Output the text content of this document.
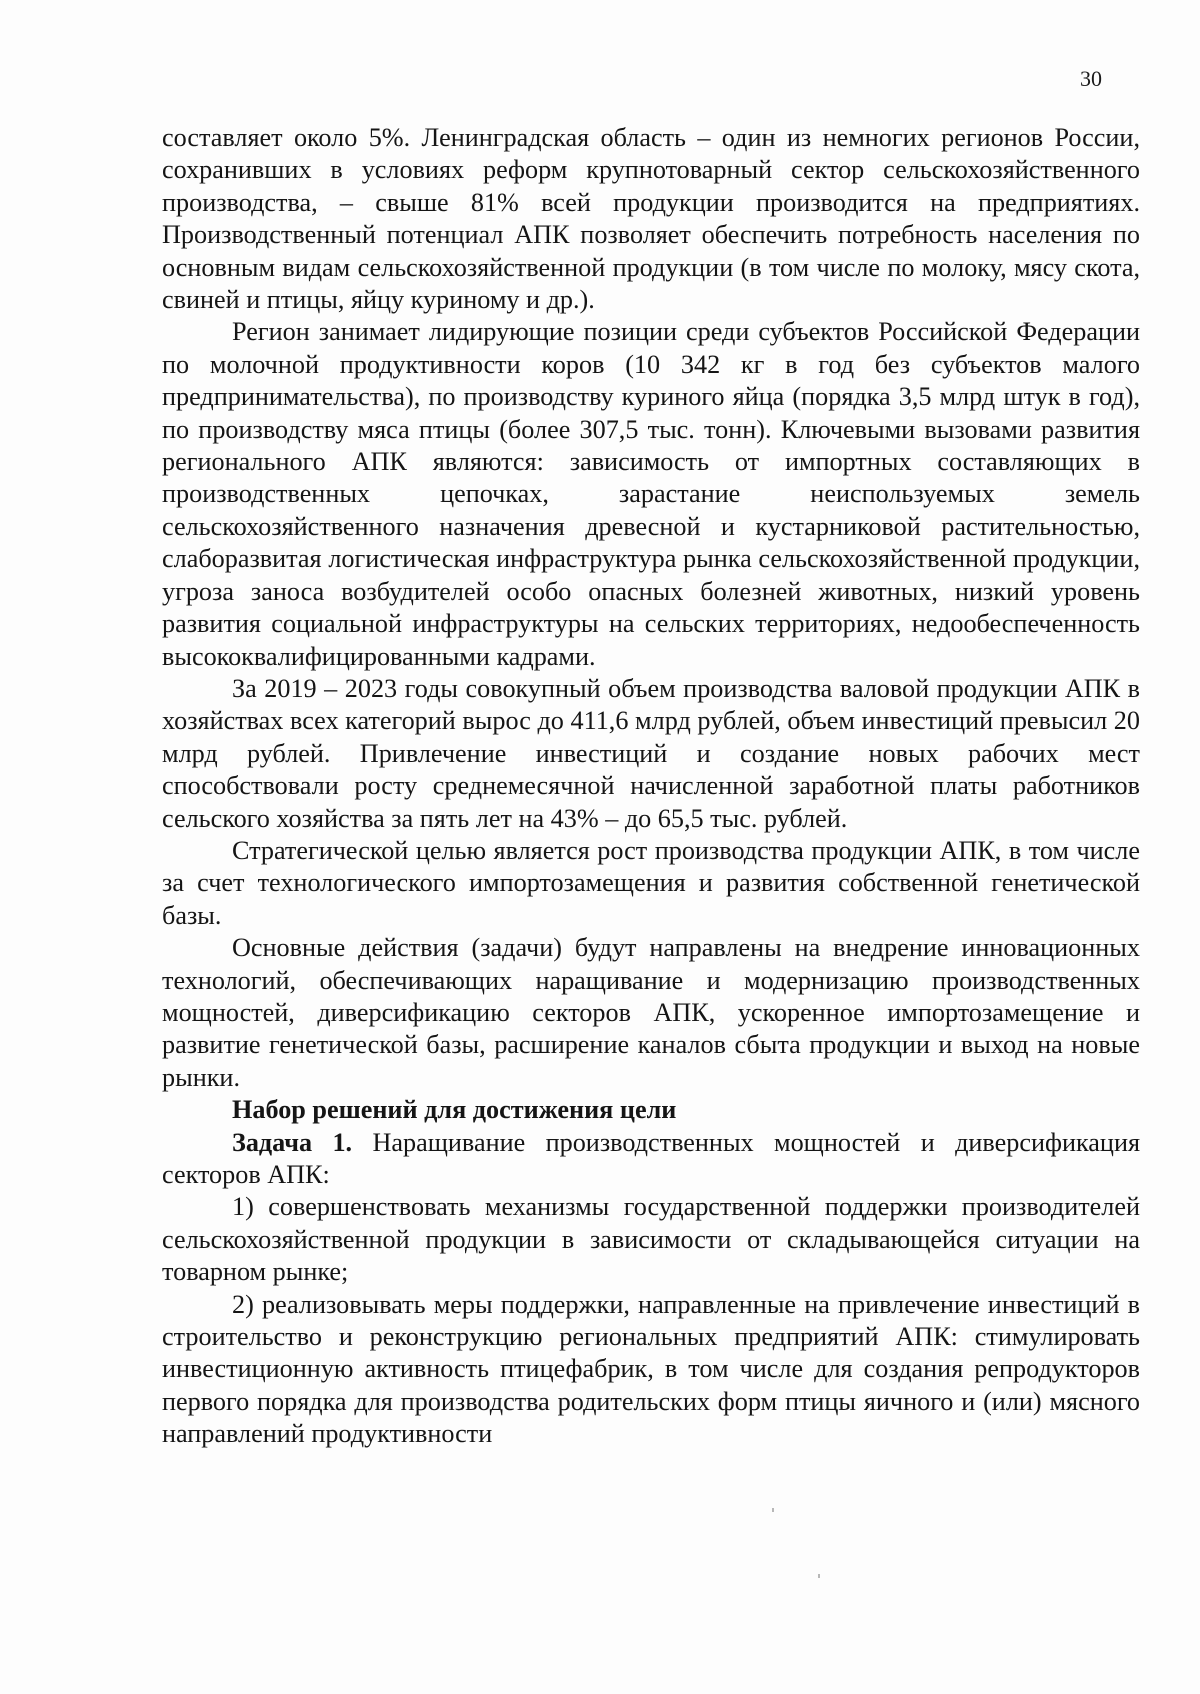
30

составляет около 5%. Ленинградская область – один из немногих регионов России, сохранивших в условиях реформ крупнотоварный сектор сельскохозяйственного производства, – свыше 81% всей продукции производится на предприятиях. Производственный потенциал АПК позволяет обеспечить потребность населения по основным видам сельскохозяйственной продукции (в том числе по молоку, мясу скота, свиней и птицы, яйцу куриному и др.).

Регион занимает лидирующие позиции среди субъектов Российской Федерации по молочной продуктивности коров (10 342 кг в год без субъектов малого предпринимательства), по производству куриного яйца (порядка 3,5 млрд штук в год), по производству мяса птицы (более 307,5 тыс. тонн). Ключевыми вызовами развития регионального АПК являются: зависимость от импортных составляющих в производственных цепочках, зарастание неиспользуемых земель сельскохозяйственного назначения древесной и кустарниковой растительностью, слаборазвитая логистическая инфраструктура рынка сельскохозяйственной продукции, угроза заноса возбудителей особо опасных болезней животных, низкий уровень развития социальной инфраструктуры на сельских территориях, недообеспеченность высококвалифицированными кадрами.

За 2019 – 2023 годы совокупный объем производства валовой продукции АПК в хозяйствах всех категорий вырос до 411,6 млрд рублей, объем инвестиций превысил 20 млрд рублей. Привлечение инвестиций и создание новых рабочих мест способствовали росту среднемесячной начисленной заработной платы работников сельского хозяйства за пять лет на 43% – до 65,5 тыс. рублей.

Стратегической целью является рост производства продукции АПК, в том числе за счет технологического импортозамещения и развития собственной генетической базы.

Основные действия (задачи) будут направлены на внедрение инновационных технологий, обеспечивающих наращивание и модернизацию производственных мощностей, диверсификацию секторов АПК, ускоренное импортозамещение и развитие генетической базы, расширение каналов сбыта продукции и выход на новые рынки.

Набор решений для достижения цели

Задача 1. Наращивание производственных мощностей и диверсификация секторов АПК:

1) совершенствовать механизмы государственной поддержки производителей сельскохозяйственной продукции в зависимости от складывающейся ситуации на товарном рынке;

2) реализовывать меры поддержки, направленные на привлечение инвестиций в строительство и реконструкцию региональных предприятий АПК: стимулировать инвестиционную активность птицефабрик, в том числе для создания репродукторов первого порядка для производства родительских форм птицы яичного и (или) мясного направлений продуктивности
